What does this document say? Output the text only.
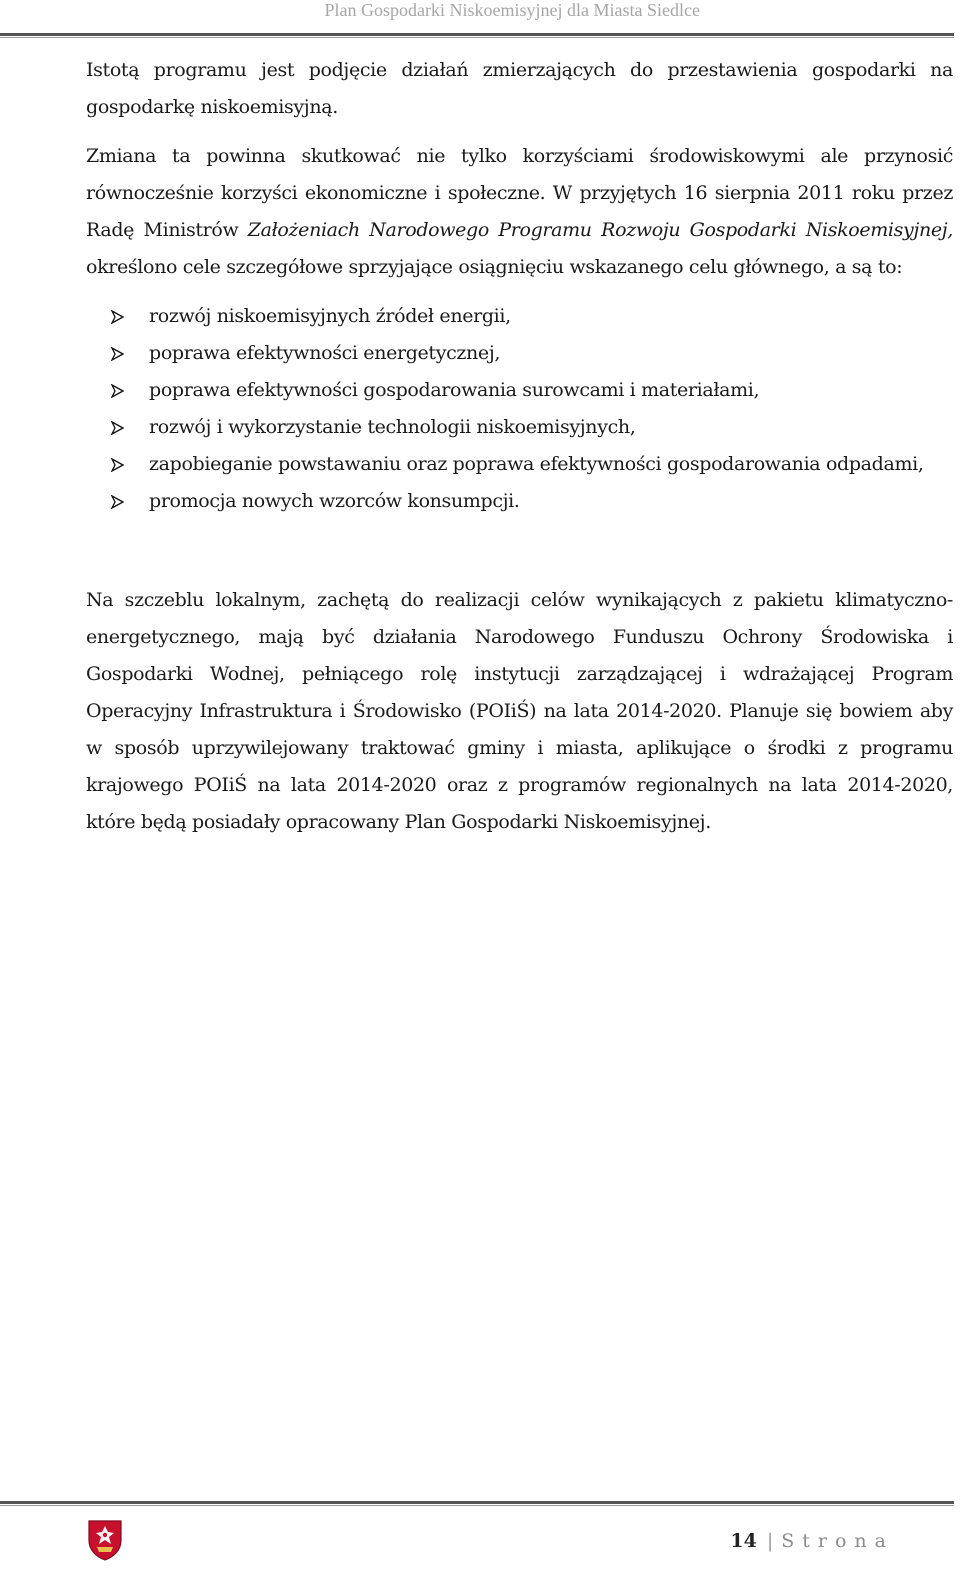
Plan Gospodarki Niskoemisyjnej dla Miasta Siedlce

Istotą programu jest podjęcie działań zmierzających do przestawienia gospodarki na gospodarkę niskoemisyjną.

Zmiana ta powinna skutkować nie tylko korzyściami środowiskowymi ale przynosić równocześnie korzyści ekonomiczne i społeczne. W przyjętych 16 sierpnia 2011 roku przez Radę Ministrów Założeniach Narodowego Programu Rozwoju Gospodarki Niskoemisyjnej, określono cele szczegółowe sprzyjające osiągnięciu wskazanego celu głównego, a są to:

rozwój niskoemisyjnych źródeł energii,
poprawa efektywności energetycznej,
poprawa efektywności gospodarowania surowcami i materiałami,
rozwój i wykorzystanie technologii niskoemisyjnych,
zapobieganie powstawaniu oraz poprawa efektywności gospodarowania odpadami,
promocja nowych wzorców konsumpcji.

Na szczeblu lokalnym, zachętą do realizacji celów wynikających z pakietu klimatyczno-energetycznego, mają być działania Narodowego Funduszu Ochrony Środowiska i Gospodarki Wodnej, pełniącego rolę instytucji zarządzającej i wdrażającej Program Operacyjny Infrastruktura i Środowisko (POIiŚ) na lata 2014-2020. Planuje się bowiem aby w sposób uprzywilejowany traktować gminy i miasta, aplikujące o środki z programu krajowego POIiŚ na lata 2014-2020 oraz z programów regionalnych na lata 2014-2020, które będą posiadały opracowany Plan Gospodarki Niskoemisyjnej.

14 | Strona
